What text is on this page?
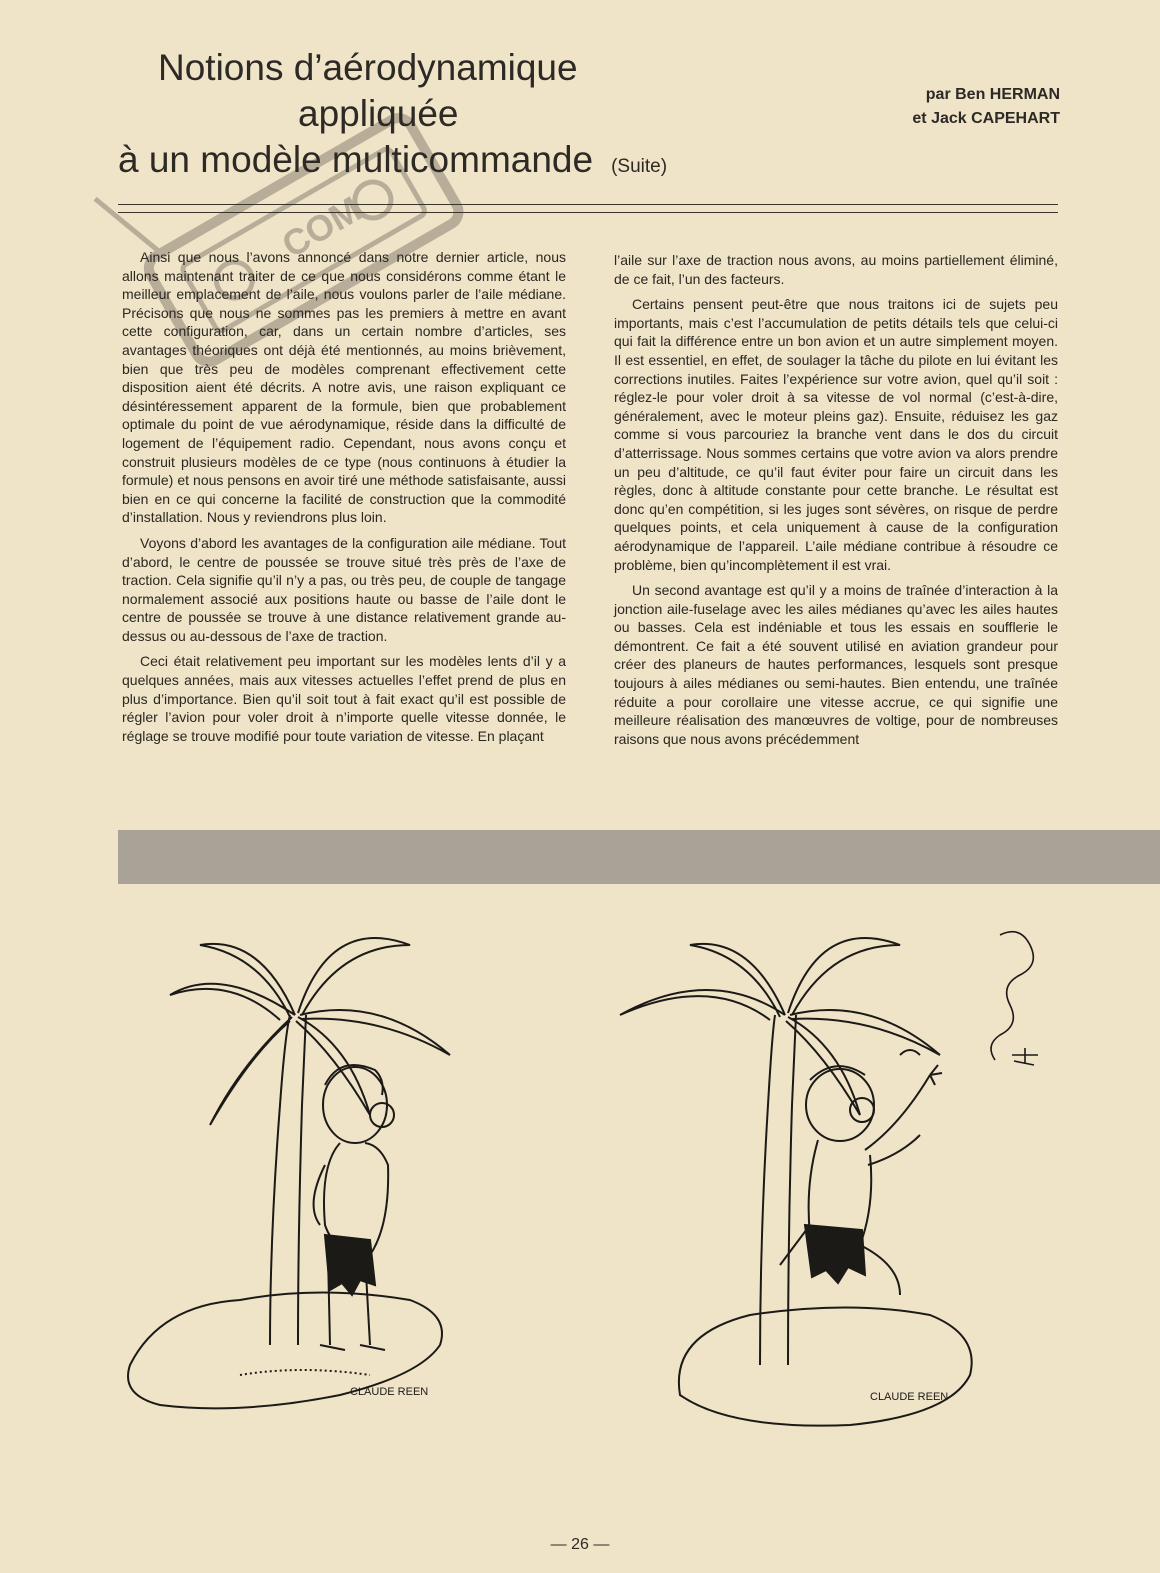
COM
Notions d’aérodynamique
appliquée
à un modèle multicommande (Suite)
par Ben HERMAN
et Jack CAPEHART

Ainsi que nous l’avons annoncé dans notre dernier article, nous allons maintenant traiter de ce que nous considérons comme étant le meilleur emplacement de l’aile, nous voulons parler de l’aile médiane. Précisons que nous ne sommes pas les premiers à mettre en avant cette configuration, car, dans un certain nombre d’articles, ses avantages théoriques ont déjà été mentionnés, au moins brièvement, bien que très peu de modèles comprenant effectivement cette disposition aient été décrits. A notre avis, une raison expliquant ce désintéressement apparent de la formule, bien que probablement optimale du point de vue aérodynamique, réside dans la difficulté de logement de l’équipement radio. Cependant, nous avons conçu et construit plusieurs modèles de ce type (nous continuons à étudier la formule) et nous pensons en avoir tiré une méthode satisfaisante, aussi bien en ce qui concerne la facilité de construction que la commodité d’installation. Nous y reviendrons plus loin.

Voyons d’abord les avantages de la configuration aile médiane. Tout d’abord, le centre de poussée se trouve situé très près de l’axe de traction. Cela signifie qu’il n’y a pas, ou très peu, de couple de tangage normalement associé aux positions haute ou basse de l’aile dont le centre de poussée se trouve à une distance relativement grande au-dessus ou au-dessous de l’axe de traction.

Ceci était relativement peu important sur les modèles lents d’il y a quelques années, mais aux vitesses actuelles l’effet prend de plus en plus d’importance. Bien qu’il soit tout à fait exact qu’il est possible de régler l’avion pour voler droit à n’importe quelle vitesse donnée, le réglage se trouve modifié pour toute variation de vitesse. En plaçant

l’aile sur l’axe de traction nous avons, au moins partiellement éliminé, de ce fait, l’un des facteurs.

Certains pensent peut-être que nous traitons ici de sujets peu importants, mais c’est l’accumulation de petits détails tels que celui-ci qui fait la différence entre un bon avion et un autre simplement moyen. Il est essentiel, en effet, de soulager la tâche du pilote en lui évitant les corrections inutiles. Faites l’expérience sur votre avion, quel qu’il soit : réglez-le pour voler droit à sa vitesse de vol normal (c’est-à-dire, généralement, avec le moteur pleins gaz). Ensuite, réduisez les gaz comme si vous parcouriez la branche vent dans le dos du circuit d’atterrissage. Nous sommes certains que votre avion va alors prendre un peu d’altitude, ce qu’il faut éviter pour faire un circuit dans les règles, donc à altitude constante pour cette branche. Le résultat est donc qu’en compétition, si les juges sont sévères, on risque de perdre quelques points, et cela uniquement à cause de la configuration aérodynamique de l’appareil. L’aile médiane contribue à résoudre ce problème, bien qu’incomplètement il est vrai.

Un second avantage est qu’il y a moins de traînée d’interaction à la jonction aile-fuselage avec les ailes médianes qu’avec les ailes hautes ou basses. Cela est indéniable et tous les essais en soufflerie le démontrent. Ce fait a été souvent utilisé en aviation grandeur pour créer des planeurs de hautes performances, lesquels sont presque toujours à ailes médianes ou semi-hautes. Bien entendu, une traînée réduite a pour corollaire une vitesse accrue, ce qui signifie une meilleure réalisation des manœuvres de voltige, pour de nombreuses raisons que nous avons précédemment

CLAUDE REEN	CLAUDE REEN
— 26 —
